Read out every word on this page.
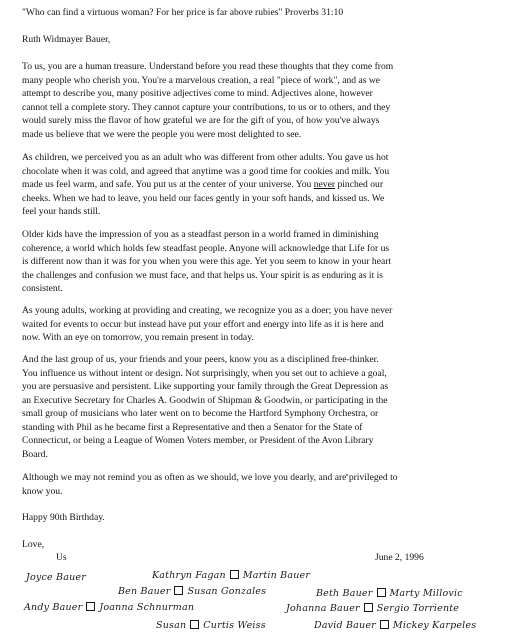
"Who can find a virtuous woman? For her price is far above rubies" Proverbs 31:10
Ruth Widmayer Bauer,
To us, you are a human treasure. Understand before you read these thoughts that they come from
many people who cherish you. You're a marvelous creation, a real "piece of work", and as we
attempt to describe you, many positive adjectives come to mind. Adjectives alone, however
cannot tell a complete story. They cannot capture your contributions, to us or to others, and they
would surely miss the flavor of how grateful we are for the gift of you, of how you've always
made us believe that we were the people you were most delighted to see.
As children, we perceived you as an adult who was different from other adults. You gave us hot
chocolate when it was cold, and agreed that anytime was a good time for cookies and milk. You
made us feel warm, and safe. You put us at the center of your universe. You never pinched our
cheeks. When we had to leave, you held our faces gently in your soft hands, and kissed us. We
feel your hands still.
Older kids have the impression of you as a steadfast person in a world framed in diminishing
coherence, a world which holds few steadfast people. Anyone will acknowledge that Life for us
is different now than it was for you when you were this age. Yet you seem to know in your heart
the challenges and confusion we must face, and that helps us. Your spirit is as enduring as it is
consistent.
As young adults, working at providing and creating, we recognize you as a doer; you have never
waited for events to occur but instead have put your effort and energy into life as it is here and
now. With an eye on tomorrow, you remain present in today.
And the last group of us, your friends and your peers, know you as a disciplined free-thinker.
You influence us without intent or design. Not surprisingly, when you set out to achieve a goal,
you are persuasive and persistent. Like supporting your family through the Great Depression as
an Executive Secretary for Charles A. Goodwin of Shipman & Goodwin, or participating in the
small group of musicians who later went on to become the Hartford Symphony Orchestra, or
standing with Phil as he became first a Representative and then a Senator for the State of
Connecticut, or being a League of Women Voters member, or President of the Avon Library
Board.
Although we may not remind you as often as we should, we love you dearly, and are privileged to
know you.
Happy 90th Birthday.
Love,
Us	June 2, 1996
Joyce Bauer	Kathryn Fagan Martin Bauer
Ben Bauer Susan Gonzales	Beth Bauer Marty Millovic
Andy Bauer Joanna Schnurman	Johanna Bauer Sergio Torriente
Susan Curtis Weiss	David Bauer Mickey Karpeles
